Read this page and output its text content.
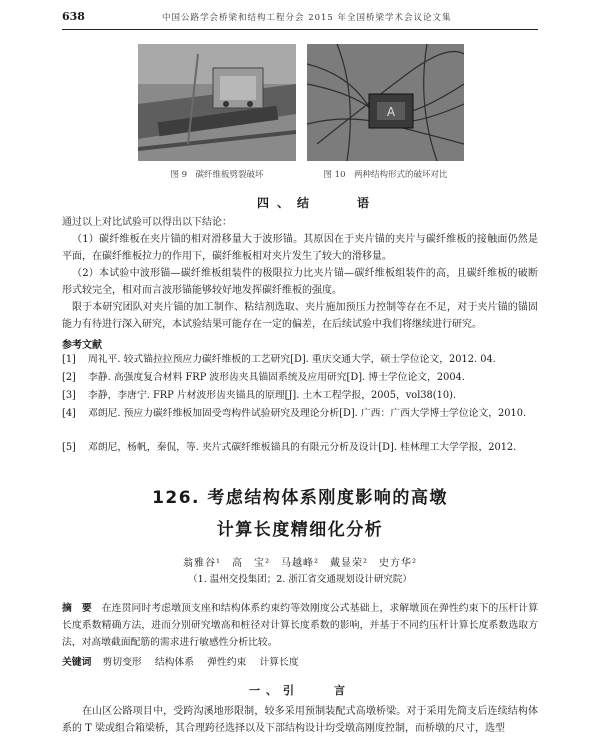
638	中国公路学会桥梁和结构工程分会 2015 年全国桥梁学术会议论文集
图 9　碳纤维板劈裂破坏
A
图 10　两种结构形式的破坏对比
四、结　　语
通过以上对比试验可以得出以下结论：
（1）碳纤维板在夹片锚的相对滑移量大于波形锚。其原因在于夹片锚的夹片与碳纤维板的接触面仍然是平面，在碳纤维板拉力的作用下，碳纤维板相对夹片发生了较大的滑移量。
（2）本试验中波形锚—碳纤维板组装件的极限拉力比夹片锚—碳纤维板组装件的高，且碳纤维板的破断形式较完全，相对而言波形锚能够较好地发挥碳纤维板的强度。
限于本研究团队对夹片锚的加工制作、粘结剂选取、夹片施加预压力控制等存在不足，对于夹片锚的锚固能力有待进行深入研究，本试验结果可能存在一定的偏差，在后续试验中我们将继续进行研究。
参考文献
[1] 周礼平. 较式锚拉拉预应力碳纤维板的工艺研究[D]. 重庆交通大学，硕士学位论文，2012. 04.
[2] 李静. 高强度复合材料 FRP 波形齿夹具锚固系统及应用研究[D]. 博士学位论文，2004.
[3] 李静，李唐宁. FRP 片材波形齿夹锚具的原理[J]. 土木工程学报，2005，vol38(10).
[4] 邓朗尼. 预应力碳纤维板加固受弯构件试验研究及理论分析[D]. 广西：广西大学博士学位论文，2010.
[5] 邓朗尼，杨帆，秦侃，等. 夹片式碳纤维板锚具的有限元分析及设计[D]. 桂林理工大学学报，2012.
126. 考虑结构体系刚度影响的高墩
计算长度精细化分析
翁雅谷¹　高　宝²　马越峰²　戴显荣²　史方华²
（1. 温州交投集团；2. 浙江省交通规划设计研究院）
摘　要 在连贯同时考虑墩顶支座和结构体系约束约等效刚度公式基础上，求解墩顶在弹性约束下的压杆计算长度系数精确方法，进而分别研究墩高和桩径对计算长度系数的影响，并基于不同约压杆计算长度系数选取方法，对高墩截面配筋的需求进行敏感性分析比较。
关键词 剪切变形 结构体系 弹性约束 计算长度
一、引　　言
在山区公路项目中，受跨沟溪地形限制，较多采用预制装配式高墩桥梁。对于采用先简支后连续结构体系的 T 梁或组合箱梁桥，其合理跨径选择以及下部结构设计均受墩高刚度控制，而桥墩的尺寸，选型
